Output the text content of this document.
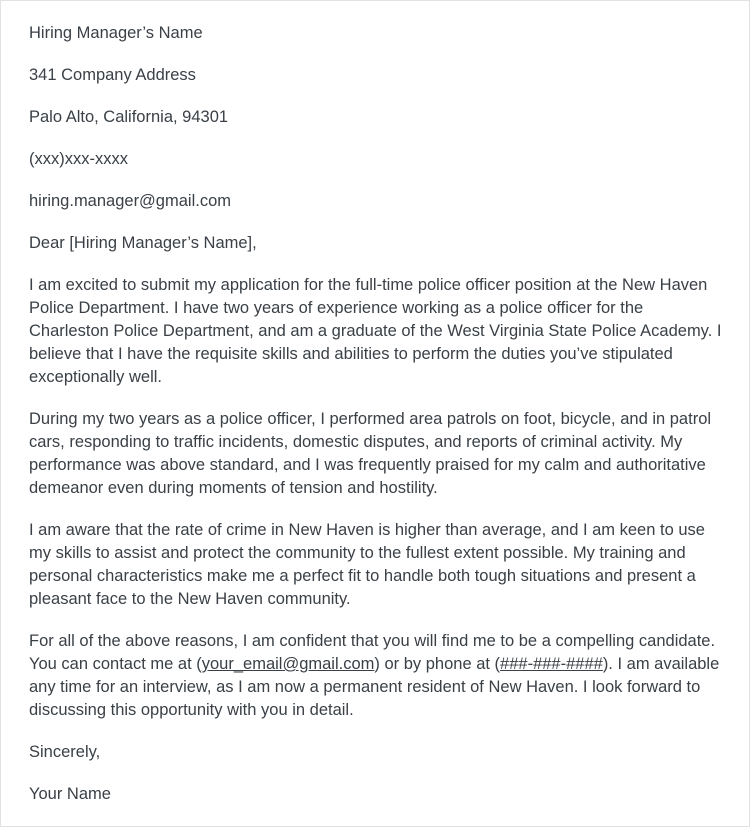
Hiring Manager’s Name

341 Company Address

Palo Alto, California, 94301

(xxx)xxx-xxxx

hiring.manager@gmail.com

Dear [Hiring Manager’s Name],

I am excited to submit my application for the full-time police officer position at the New Haven Police Department. I have two years of experience working as a police officer for the Charleston Police Department, and am a graduate of the West Virginia State Police Academy. I believe that I have the requisite skills and abilities to perform the duties you’ve stipulated exceptionally well.

During my two years as a police officer, I performed area patrols on foot, bicycle, and in patrol cars, responding to traffic incidents, domestic disputes, and reports of criminal activity. My performance was above standard, and I was frequently praised for my calm and authoritative demeanor even during moments of tension and hostility.

I am aware that the rate of crime in New Haven is higher than average, and I am keen to use my skills to assist and protect the community to the fullest extent possible. My training and personal characteristics make me a perfect fit to handle both tough situations and present a pleasant face to the New Haven community.

For all of the above reasons, I am confident that you will find me to be a compelling candidate. You can contact me at (your_email@gmail.com) or by phone at (###-###-####). I am available any time for an interview, as I am now a permanent resident of New Haven. I look forward to discussing this opportunity with you in detail.

Sincerely,

Your Name
